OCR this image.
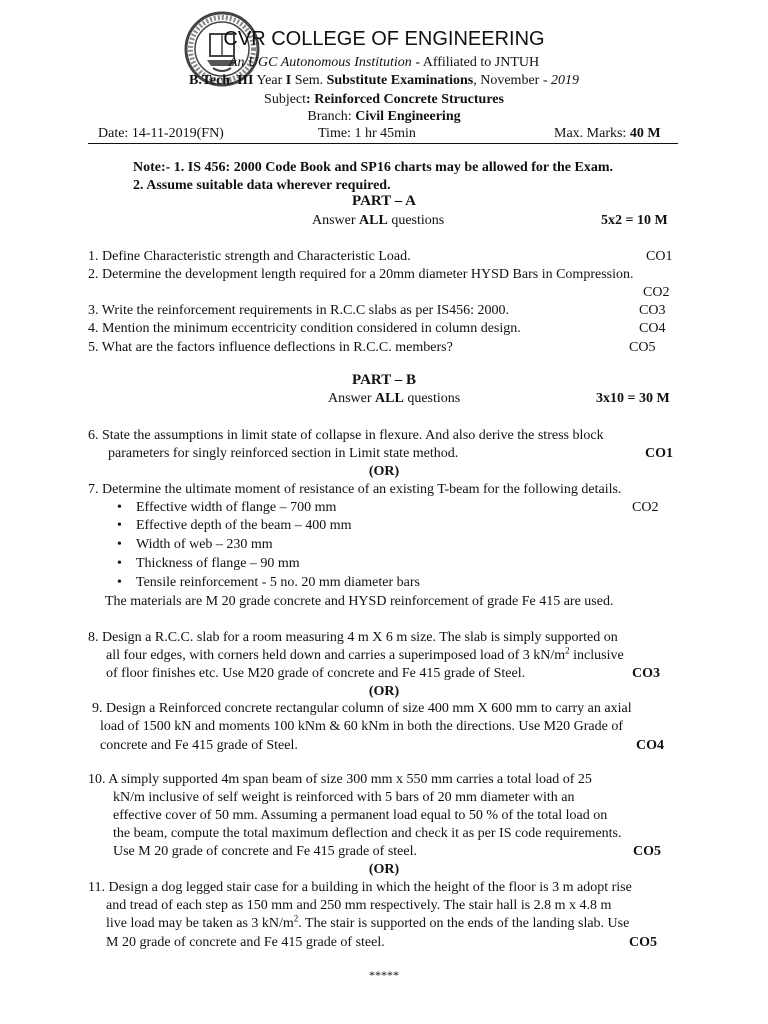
CVR COLLEGE OF ENGINEERING
An UGC Autonomous Institution - Affiliated to JNTUH
B.Tech. III Year I Sem. Substitute Examinations, November - 2019
Subject: Reinforced Concrete Structures
Branch: Civil Engineering
Date: 14-11-2019(FN)	Time: 1 hr 45min	Max. Marks: 40 M
Note:- 1. IS 456: 2000 Code Book and SP16 charts may be allowed for the Exam.
2. Assume suitable data wherever required.
PART – A
Answer ALL questions	5x2 = 10 M
1. Define Characteristic strength and Characteristic Load.	CO1
2. Determine the development length required for a 20mm diameter HYSD Bars in Compression.
CO2
3. Write the reinforcement requirements in R.C.C slabs as per IS456: 2000.	CO3
4. Mention the minimum eccentricity condition considered in column design.	CO4
5. What are the factors influence deflections in R.C.C. members?	CO5
PART – B
Answer ALL questions	3x10 = 30 M
6. State the assumptions in limit state of collapse in flexure. And also derive the stress block
parameters for singly reinforced section in Limit state method.	CO1
(OR)
7. Determine the ultimate moment of resistance of an existing T-beam for the following details.
CO2
• Effective width of flange – 700 mm
• Effective depth of the beam – 400 mm
• Width of web – 230 mm
• Thickness of flange – 90 mm
• Tensile reinforcement - 5 no. 20 mm diameter bars
The materials are M 20 grade concrete and HYSD reinforcement of grade Fe 415 are used.
8. Design a R.C.C. slab for a room measuring 4 m X 6 m size. The slab is simply supported on
all four edges, with corners held down and carries a superimposed load of 3 $kN/m^2$ inclusive
of floor finishes etc. Use M20 grade of concrete and Fe 415 grade of Steel.	CO3
(OR)
9. Design a Reinforced concrete rectangular column of size 400 mm X 600 mm to carry an axial
load of 1500 kN and moments 100 kNm & 60 kNm in both the directions. Use M20 Grade of
concrete and Fe 415 grade of Steel.	CO4
10. A simply supported 4m span beam of size 300 mm x 550 mm carries a total load of 25
kN/m inclusive of self weight is reinforced with 5 bars of 20 mm diameter with an
effective cover of 50 mm. Assuming a permanent load equal to 50 % of the total load on
the beam, compute the total maximum deflection and check it as per IS code requirements.
Use M 20 grade of concrete and Fe 415 grade of steel.	CO5
(OR)
11. Design a dog legged stair case for a building in which the height of the floor is 3 m adopt rise
and tread of each step as 150 mm and 250 mm respectively. The stair hall is 2.8 m x 4.8 m
live load may be taken as 3 $kN/m^2$. The stair is supported on the ends of the landing slab. Use
M 20 grade of concrete and Fe 415 grade of steel.	CO5
*****
